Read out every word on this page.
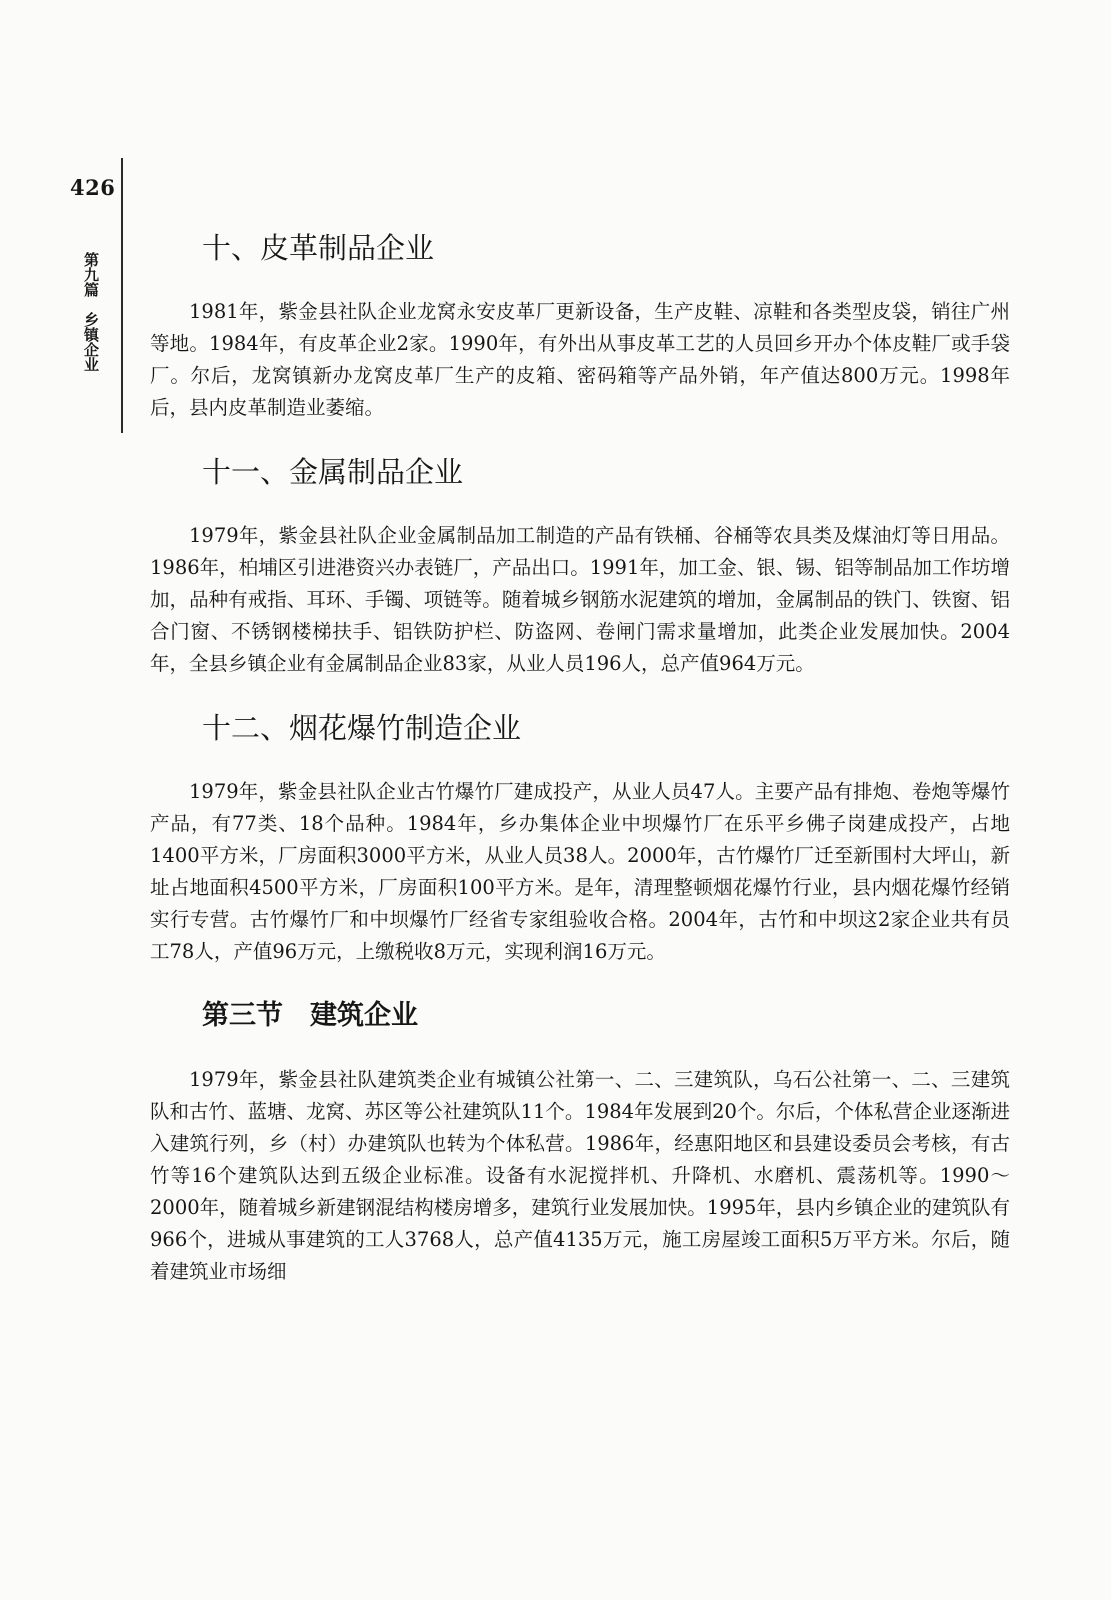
426
第九篇　乡镇企业
十、皮革制品企业

1981年，紫金县社队企业龙窝永安皮革厂更新设备，生产皮鞋、凉鞋和各类型皮袋，销往广州等地。1984年，有皮革企业2家。1990年，有外出从事皮革工艺的人员回乡开办个体皮鞋厂或手袋厂。尔后，龙窝镇新办龙窝皮革厂生产的皮箱、密码箱等产品外销，年产值达800万元。1998年后，县内皮革制造业萎缩。

十一、金属制品企业

1979年，紫金县社队企业金属制品加工制造的产品有铁桶、谷桶等农具类及煤油灯等日用品。1986年，柏埔区引进港资兴办表链厂，产品出口。1991年，加工金、银、锡、铝等制品加工作坊增加，品种有戒指、耳环、手镯、项链等。随着城乡钢筋水泥建筑的增加，金属制品的铁门、铁窗、铝合门窗、不锈钢楼梯扶手、铝铁防护栏、防盗网、卷闸门需求量增加，此类企业发展加快。2004年，全县乡镇企业有金属制品企业83家，从业人员196人，总产值964万元。

十二、烟花爆竹制造企业

1979年，紫金县社队企业古竹爆竹厂建成投产，从业人员47人。主要产品有排炮、卷炮等爆竹产品，有77类、18个品种。1984年，乡办集体企业中坝爆竹厂在乐平乡佛子岗建成投产，占地1400平方米，厂房面积3000平方米，从业人员38人。2000年，古竹爆竹厂迁至新围村大坪山，新址占地面积4500平方米，厂房面积100平方米。是年，清理整顿烟花爆竹行业，县内烟花爆竹经销实行专营。古竹爆竹厂和中坝爆竹厂经省专家组验收合格。2004年，古竹和中坝这2家企业共有员工78人，产值96万元，上缴税收8万元，实现利润16万元。

第三节　建筑企业

1979年，紫金县社队建筑类企业有城镇公社第一、二、三建筑队，乌石公社第一、二、三建筑队和古竹、蓝塘、龙窝、苏区等公社建筑队11个。1984年发展到20个。尔后，个体私营企业逐渐进入建筑行列，乡（村）办建筑队也转为个体私营。1986年，经惠阳地区和县建设委员会考核，有古竹等16个建筑队达到五级企业标准。设备有水泥搅拌机、升降机、水磨机、震荡机等。1990～2000年，随着城乡新建钢混结构楼房增多，建筑行业发展加快。1995年，县内乡镇企业的建筑队有966个，进城从事建筑的工人3768人，总产值4135万元，施工房屋竣工面积5万平方米。尔后，随着建筑业市场细
